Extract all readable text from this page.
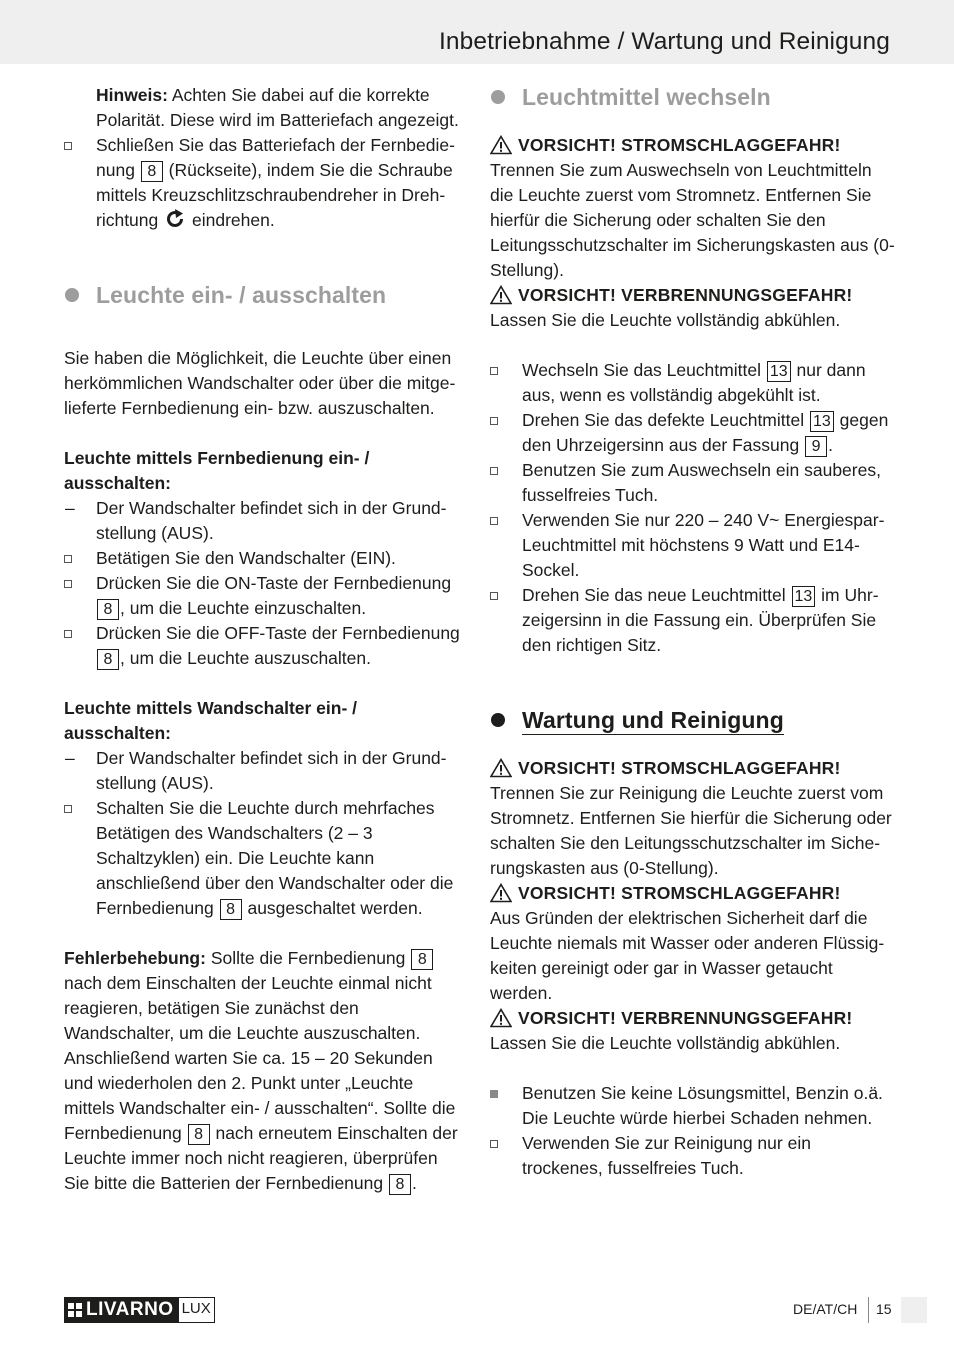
Inbetriebnahme / Wartung und Reinigung

Hinweis: Achten Sie dabei auf die korrekte Polarität. Diese wird im Batteriefach angezeigt.

Schließen Sie das Batteriefach der Fernbedienung 8 (Rückseite), indem Sie die Schraube mittels Kreuzschlitzschraubendreher in Drehrichtung  eindrehen.
Leuchte ein- / ausschalten

Sie haben die Möglichkeit, die Leuchte über einen herkömmlichen Wandschalter oder über die mitgelieferte Fernbedienung ein- bzw. auszuschalten.

Leuchte mittels Fernbedienung ein- / ausschalten:

– Der Wandschalter befindet sich in der Grundstellung (AUS).
Betätigen Sie den Wandschalter (EIN).
Drücken Sie die ON-Taste der Fernbedienung 8 , um die Leuchte einzuschalten.
Drücken Sie die OFF-Taste der Fernbedienung 8 , um die Leuchte auszuschalten.

Leuchte mittels Wandschalter ein- / ausschalten:

– Der Wandschalter befindet sich in der Grundstellung (AUS).
Schalten Sie die Leuchte durch mehrfaches Betätigen des Wandschalters (2 – 3 Schaltzyklen) ein. Die Leuchte kann anschließend über den Wandschalter oder die Fernbedienung 8 ausgeschaltet werden.

Fehlerbehebung: Sollte die Fernbedienung 8 nach dem Einschalten der Leuchte einmal nicht reagieren, betätigen Sie zunächst den Wandschalter, um die Leuchte auszuschalten. Anschließend warten Sie ca. 15 – 20 Sekunden und wiederholen den 2. Punkt unter „Leuchte mittels Wandschalter ein- / ausschalten“. Sollte die Fernbedienung 8 nach erneutem Einschalten der Leuchte immer noch nicht reagieren, überprüfen Sie bitte die Batterien der Fernbedienung 8 .

Leuchtmittel wechseln
VORSICHT! STROMSCHLAGGEFAHR!

Trennen Sie zum Auswechseln von Leuchtmitteln die Leuchte zuerst vom Stromnetz. Entfernen Sie hierfür die Sicherung oder schalten Sie den Leitungsschutzschalter im Sicherungskasten aus (0-Stellung).

VORSICHT! VERBRENNUNGSGEFAHR!

Lassen Sie die Leuchte vollständig abkühlen.

Wechseln Sie das Leuchtmittel 13 nur dann aus, wenn es vollständig abgekühlt ist.
Drehen Sie das defekte Leuchtmittel 13 gegen den Uhrzeigersinn aus der Fassung 9 .
Benutzen Sie zum Auswechseln ein sauberes, fusselfreies Tuch.
Verwenden Sie nur 220 – 240 V~ Energiespar-Leuchtmittel mit höchstens 9 Watt und E14-Sockel.
Drehen Sie das neue Leuchtmittel 13 im Uhrzeigersinn in die Fassung ein. Überprüfen Sie den richtigen Sitz.
Wartung und Reinigung
VORSICHT! STROMSCHLAGGEFAHR!

Trennen Sie zur Reinigung die Leuchte zuerst vom Stromnetz. Entfernen Sie hierfür die Sicherung oder schalten Sie den Leitungsschutzschalter im Sicherungskasten aus (0-Stellung).

VORSICHT! STROMSCHLAGGEFAHR!

Aus Gründen der elektrischen Sicherheit darf die Leuchte niemals mit Wasser oder anderen Flüssigkeiten gereinigt oder gar in Wasser getaucht werden.

VORSICHT! VERBRENNUNGSGEFAHR!

Lassen Sie die Leuchte vollständig abkühlen.

Benutzen Sie keine Lösungsmittel, Benzin o.ä. Die Leuchte würde hierbei Schaden nehmen.
Verwenden Sie zur Reinigung nur ein trockenes, fusselfreies Tuch.
LIVARNO LUX	DE/AT/CH 15
